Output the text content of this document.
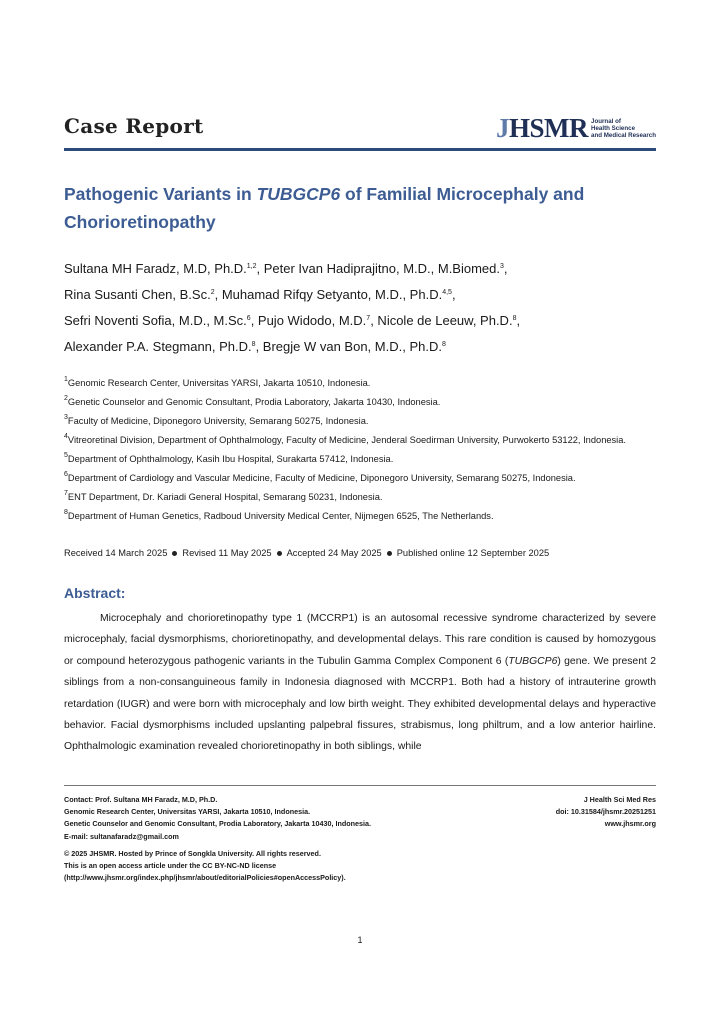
Case Report	JHSMR Journal of
Health Science
and Medical Research
Pathogenic Variants in TUBGCP6 of Familial Microcephaly and
Chorioretinopathy
Sultana MH Faradz, M.D, Ph.D.$^{1,2}$, Peter Ivan Hadiprajitno, M.D., M.Biomed.$^3$,
Rina Susanti Chen, B.Sc.$^2$, Muhamad Rifqy Setyanto, M.D., Ph.D.$^{4,5}$,
Sefri Noventi Sofia, M.D., M.Sc.$^6$, Pujo Widodo, M.D.$^7$, Nicole de Leeuw, Ph.D.$^8$,
Alexander P.A. Stegmann, Ph.D.$^8$, Bregje W van Bon, M.D., Ph.D.$^8$
$^1$Genomic Research Center, Universitas YARSI, Jakarta 10510, Indonesia.
$^2$Genetic Counselor and Genomic Consultant, Prodia Laboratory, Jakarta 10430, Indonesia.
$^3$Faculty of Medicine, Diponegoro University, Semarang 50275, Indonesia.
$^4$Vitreoretinal Division, Department of Ophthalmology, Faculty of Medicine, Jenderal Soedirman University, Purwokerto 53122, Indonesia.
$^5$Department of Ophthalmology, Kasih Ibu Hospital, Surakarta 57412, Indonesia.
$^6$Department of Cardiology and Vascular Medicine, Faculty of Medicine, Diponegoro University, Semarang 50275, Indonesia.
$^7$ENT Department, Dr. Kariadi General Hospital, Semarang 50231, Indonesia.
$^8$Department of Human Genetics, Radboud University Medical Center, Nijmegen 6525, The Netherlands.
Received 14 March 2025 Revised 11 May 2025 Accepted 24 May 2025 Published online 12 September 2025
Abstract:
Microcephaly and chorioretinopathy type 1 (MCCRP1) is an autosomal recessive syndrome characterized by severe microcephaly, facial dysmorphisms, chorioretinopathy, and developmental delays. This rare condition is caused by homozygous or compound heterozygous pathogenic variants in the Tubulin Gamma Complex Component 6 (TUBGCP6) gene. We present 2 siblings from a non-consanguineous family in Indonesia diagnosed with MCCRP1. Both had a history of intrauterine growth retardation (IUGR) and were born with microcephaly and low birth weight. They exhibited developmental delays and hyperactive behavior. Facial dysmorphisms included upslanting palpebral fissures, strabismus, long philtrum, and a low anterior hairline. Ophthalmologic examination revealed chorioretinopathy in both siblings, while
Contact: Prof. Sultana MH Faradz, M.D, Ph.D.
Genomic Research Center, Universitas YARSI, Jakarta 10510, Indonesia.
Genetic Counselor and Genomic Consultant, Prodia Laboratory, Jakarta 10430, Indonesia.
E-mail: sultanafaradz@gmail.com
J Health Sci Med Res
doi: 10.31584/jhsmr.20251251
www.jhsmr.org
© 2025 JHSMR. Hosted by Prince of Songkla University. All rights reserved.
This is an open access article under the CC BY-NC-ND license
(http://www.jhsmr.org/index.php/jhsmr/about/editorialPolicies#openAccessPolicy).
1
